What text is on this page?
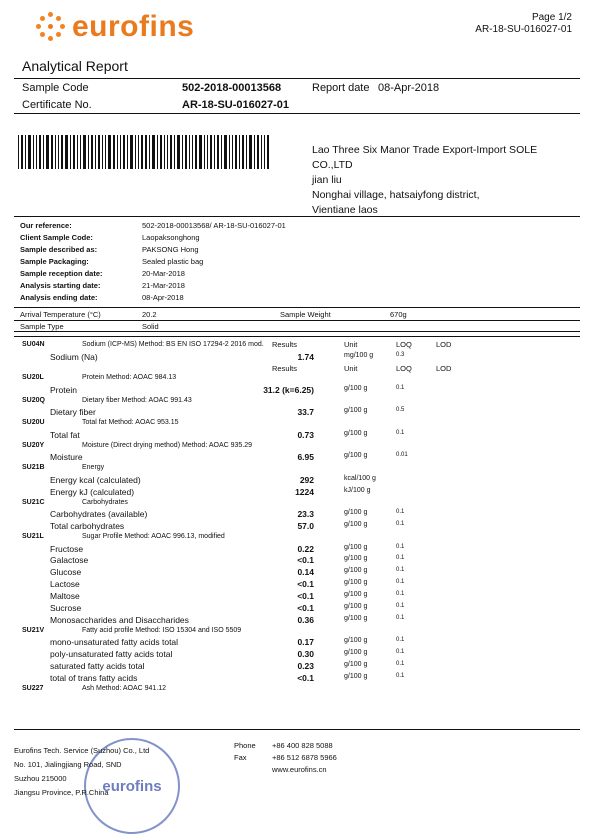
eurofins	Page 1/2
AR-18-SU-016027-01
Analytical Report
Sample Code	502-2018-00013568	Report date 08-Apr-2018
Certificate No.	AR-18-SU-016027-01
Lao Three Six Manor Trade Export-Import SOLE CO.,LTD
jian liu
Nonghai village, hatsaiyfong district,
Vientiane laos
Our reference:	502-2018-00013568/ AR-18-SU-016027-01
Client Sample Code:	Laopaksonghong
Sample described as:	PAKSONG Hong
Sample Packaging:	Sealed plastic bag
Sample reception date:	20-Mar-2018
Analysis starting date:	21-Mar-2018
Analysis ending date:	08-Apr-2018
Arrival Temperature (°C)	20.2	Sample Weight	670g
Sample Type	Solid
Results	Unit	LOQ	LOD
SU04N	Sodium (ICP-MS) Method: BS EN ISO 17294-2 2016 mod.
Sodium (Na)	1.74	mg/100 g	0.3
Results	Unit	LOQ	LOD
SU20L	Protein Method: AOAC 984.13
Protein	31.2 (k=6.25)	g/100 g	0.1
SU20Q	Dietary fiber Method: AOAC 991.43
Dietary fiber	33.7	g/100 g	0.5
SU20U	Total fat Method: AOAC 953.15
Total fat	0.73	g/100 g	0.1
SU20Y	Moisture (Direct drying method) Method: AOAC 935.29
Moisture	6.95	g/100 g	0.01
SU21B	Energy
Energy kcal (calculated)	292	kcal/100 g
Energy kJ (calculated)	1224	kJ/100 g
SU21C	Carbohydrates
Carbohydrates (available)	23.3	g/100 g	0.1
Total carbohydrates	57.0	g/100 g	0.1
SU21L	Sugar Profile Method: AOAC 996.13, modified
Fructose	0.22	g/100 g	0.1
Galactose	<0.1	g/100 g	0.1
Glucose	0.14	g/100 g	0.1
Lactose	<0.1	g/100 g	0.1
Maltose	<0.1	g/100 g	0.1
Sucrose	<0.1	g/100 g	0.1
Monosaccharides and Disaccharides	0.36	g/100 g	0.1
SU21V	Fatty acid profile Method: ISO 15304 and ISO 5509
mono-unsaturated fatty acids total	0.17	g/100 g	0.1
poly-unsaturated fatty acids total	0.30	g/100 g	0.1
saturated fatty acids total	0.23	g/100 g	0.1
total of trans fatty acids	<0.1	g/100 g	0.1
SU227	Ash Method: AOAC 941.12
eurofins
Eurofins Tech. Service (Suzhou) Co., Ltd
No. 101, Jialingjiang Road, SND
Suzhou 215000
Jiangsu Province, P.R.China
Phone +86 400 828 5088
Fax	+86 512 6878 5966
www.eurofins.cn
